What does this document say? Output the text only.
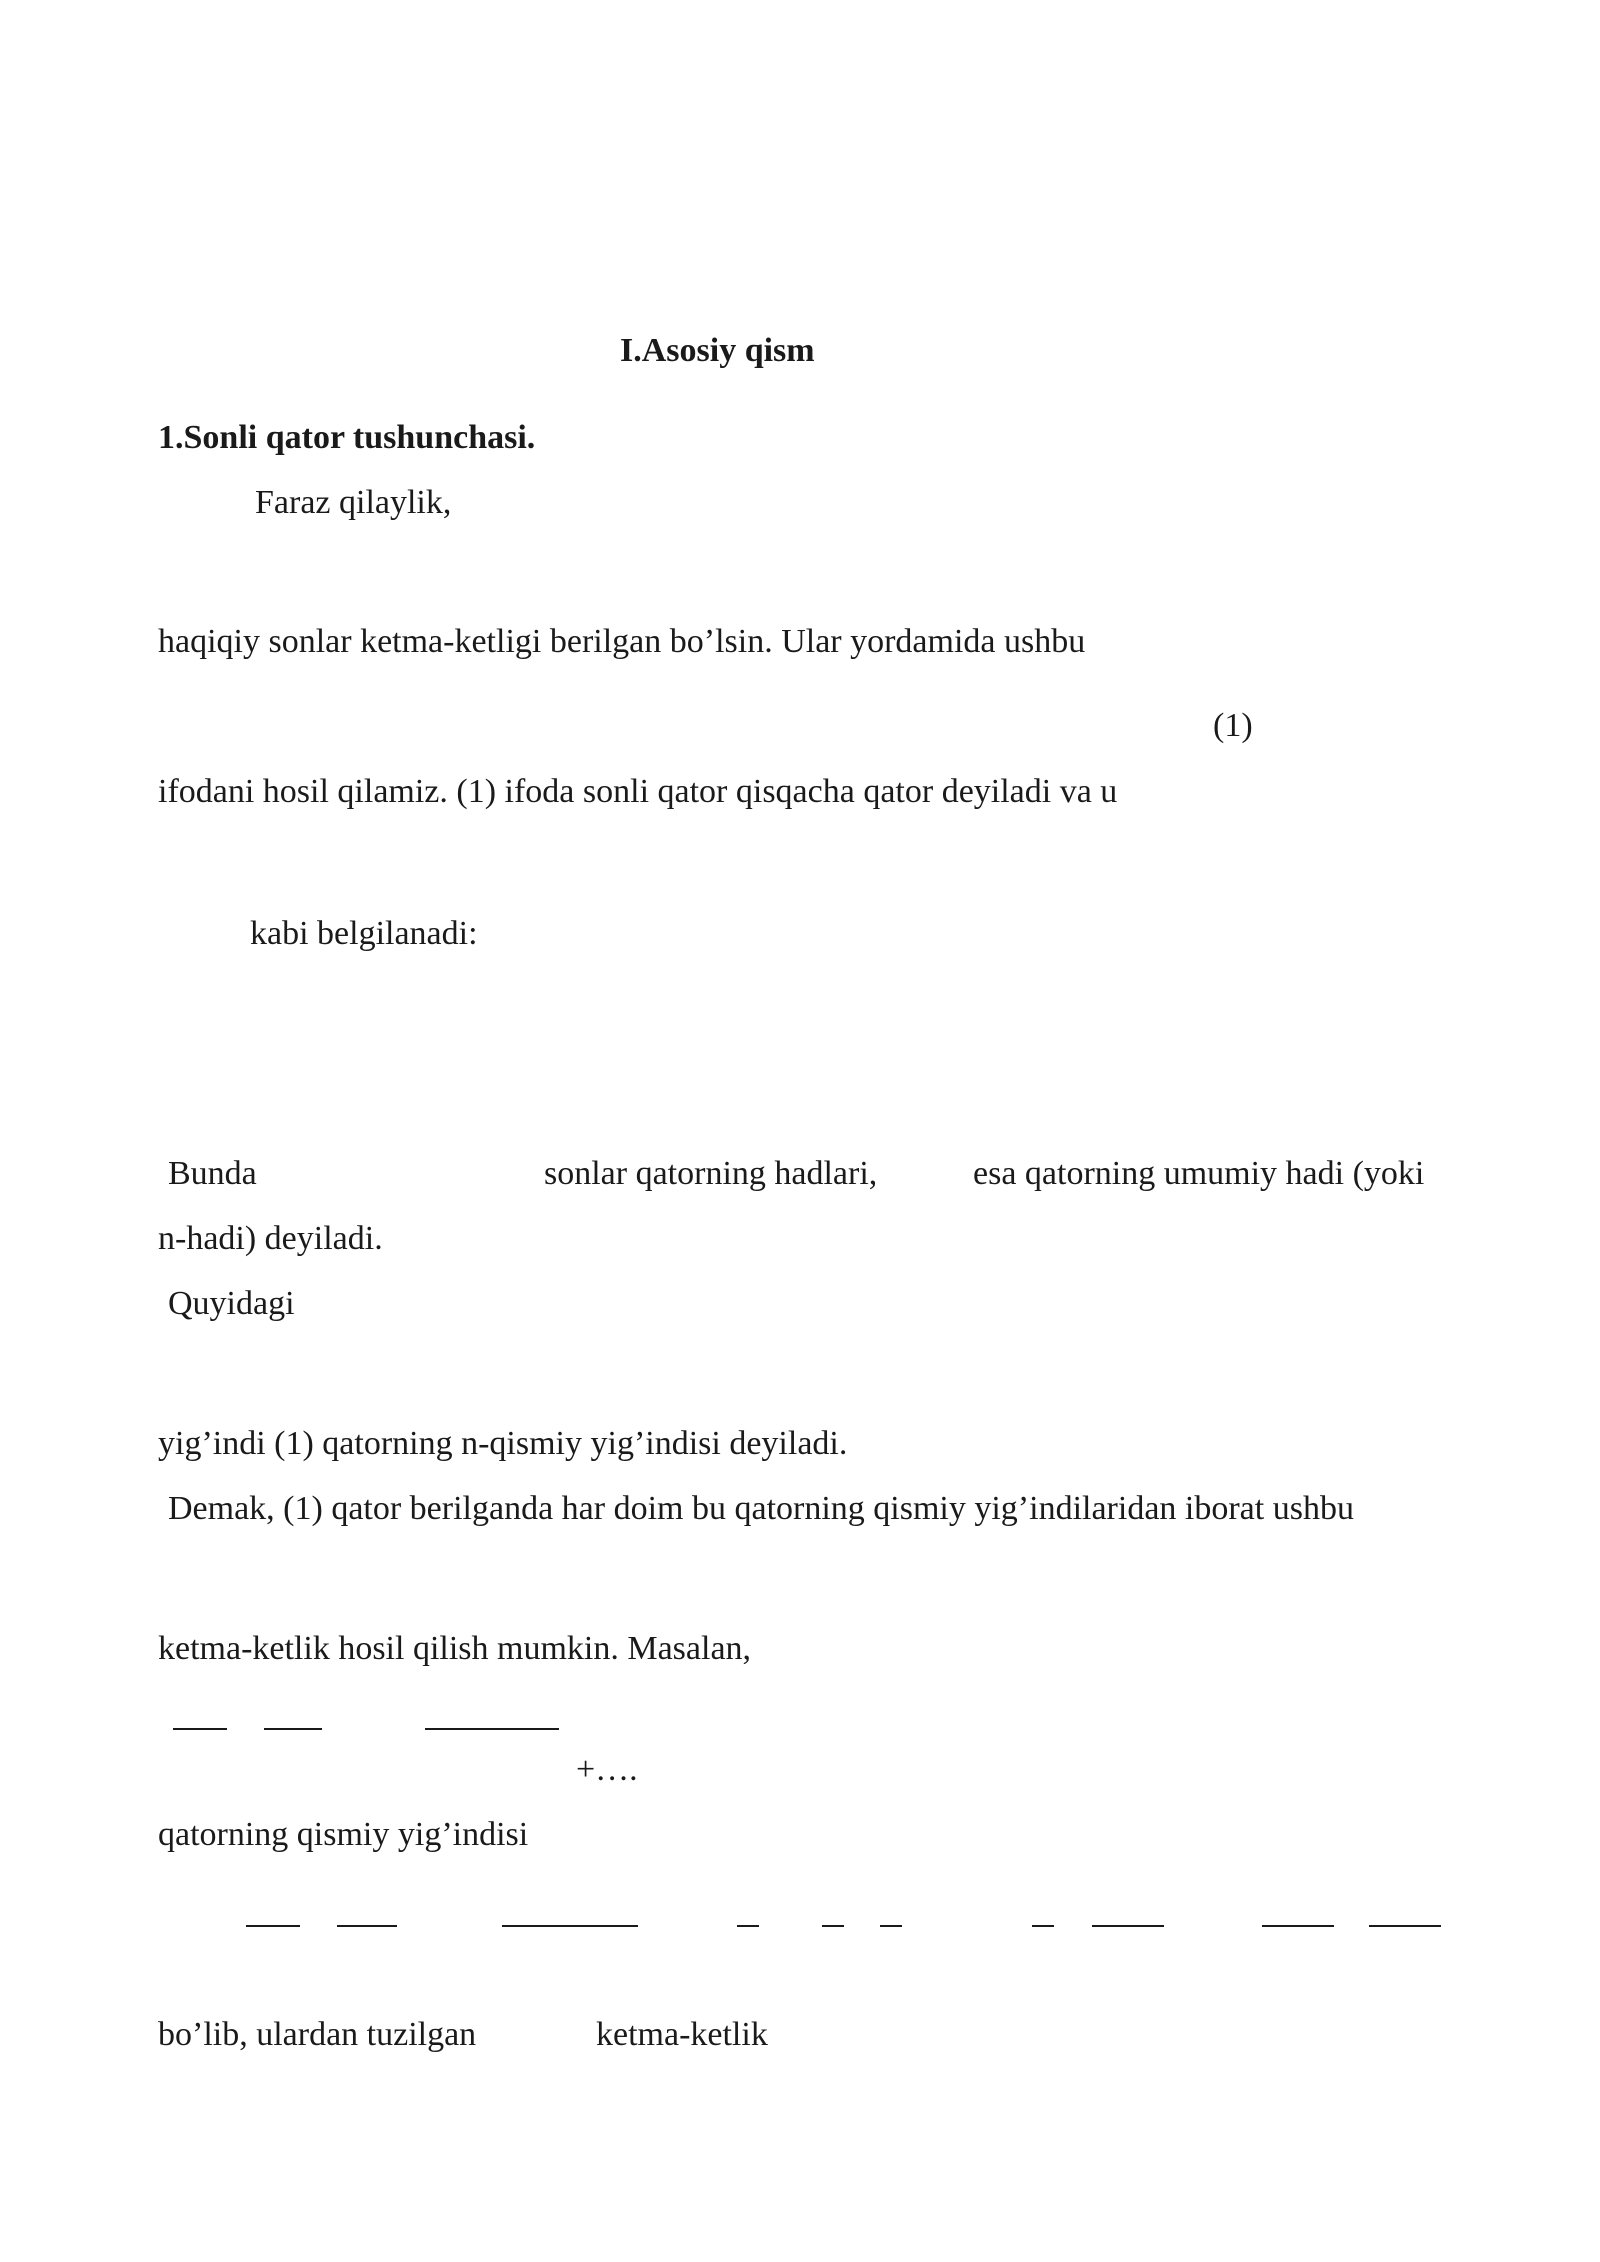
I.Asosiy qism
1.Sonli qator tushunchasi.
Faraz qilaylik,
haqiqiy sonlar ketma-ketligi berilgan bo’lsin. Ular yordamida ushbu
(1)
ifodani hosil qilamiz. (1) ifoda sonli qator qisqacha qator deyiladi va u
kabi belgilanadi:
Bunda	sonlar qatorning hadlari,	esa qatorning umumiy hadi (yoki
n-hadi) deyiladi.
Quyidagi
yig’indi (1) qatorning n-qismiy yig’indisi deyiladi.
Demak, (1) qator berilganda har doim bu qatorning qismiy yig’indilaridan iborat ushbu
ketma-ketlik hosil qilish mumkin. Masalan,
+….
qatorning qismiy yig’indisi
bo’lib, ulardan tuzilgan	ketma-ketlik
